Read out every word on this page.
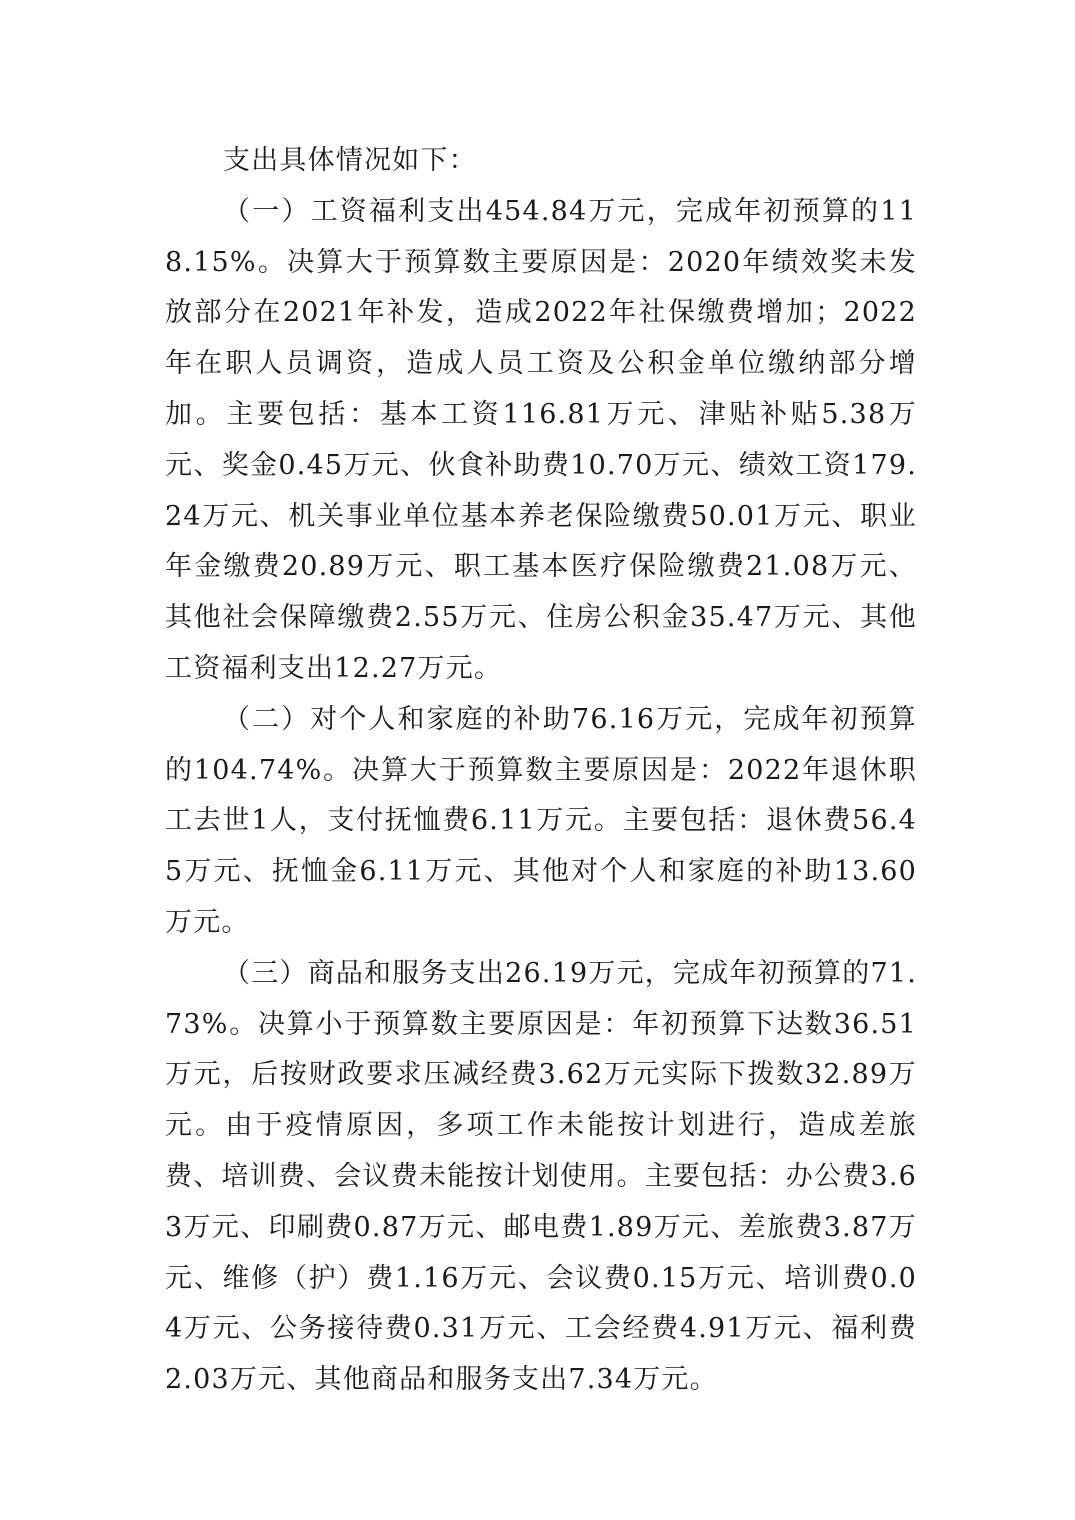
支出具体情况如下：

（一）工资福利支出454.84万元，完成年初预算的118.15%。决算大于预算数主要原因是：2020年绩效奖未发放部分在2021年补发，造成2022年社保缴费增加；2022年在职人员调资，造成人员工资及公积金单位缴纳部分增加。主要包括：基本工资116.81万元、津贴补贴5.38万元、奖金0.45万元、伙食补助费10.70万元、绩效工资179.24万元、机关事业单位基本养老保险缴费50.01万元、职业年金缴费20.89万元、职工基本医疗保险缴费21.08万元、其他社会保障缴费2.55万元、住房公积金35.47万元、其他工资福利支出12.27万元。

（二）对个人和家庭的补助76.16万元，完成年初预算的104.74%。决算大于预算数主要原因是：2022年退休职工去世1人，支付抚恤费6.11万元。主要包括：退休费56.45万元、抚恤金6.11万元、其他对个人和家庭的补助13.60万元。

（三）商品和服务支出26.19万元，完成年初预算的71.73%。决算小于预算数主要原因是：年初预算下达数36.51万元，后按财政要求压减经费3.62万元实际下拨数32.89万元。由于疫情原因，多项工作未能按计划进行，造成差旅费、培训费、会议费未能按计划使用。主要包括：办公费3.63万元、印刷费0.87万元、邮电费1.89万元、差旅费3.87万元、维修（护）费1.16万元、会议费0.15万元、培训费0.04万元、公务接待费0.31万元、工会经费4.91万元、福利费2.03万元、其他商品和服务支出7.34万元。
